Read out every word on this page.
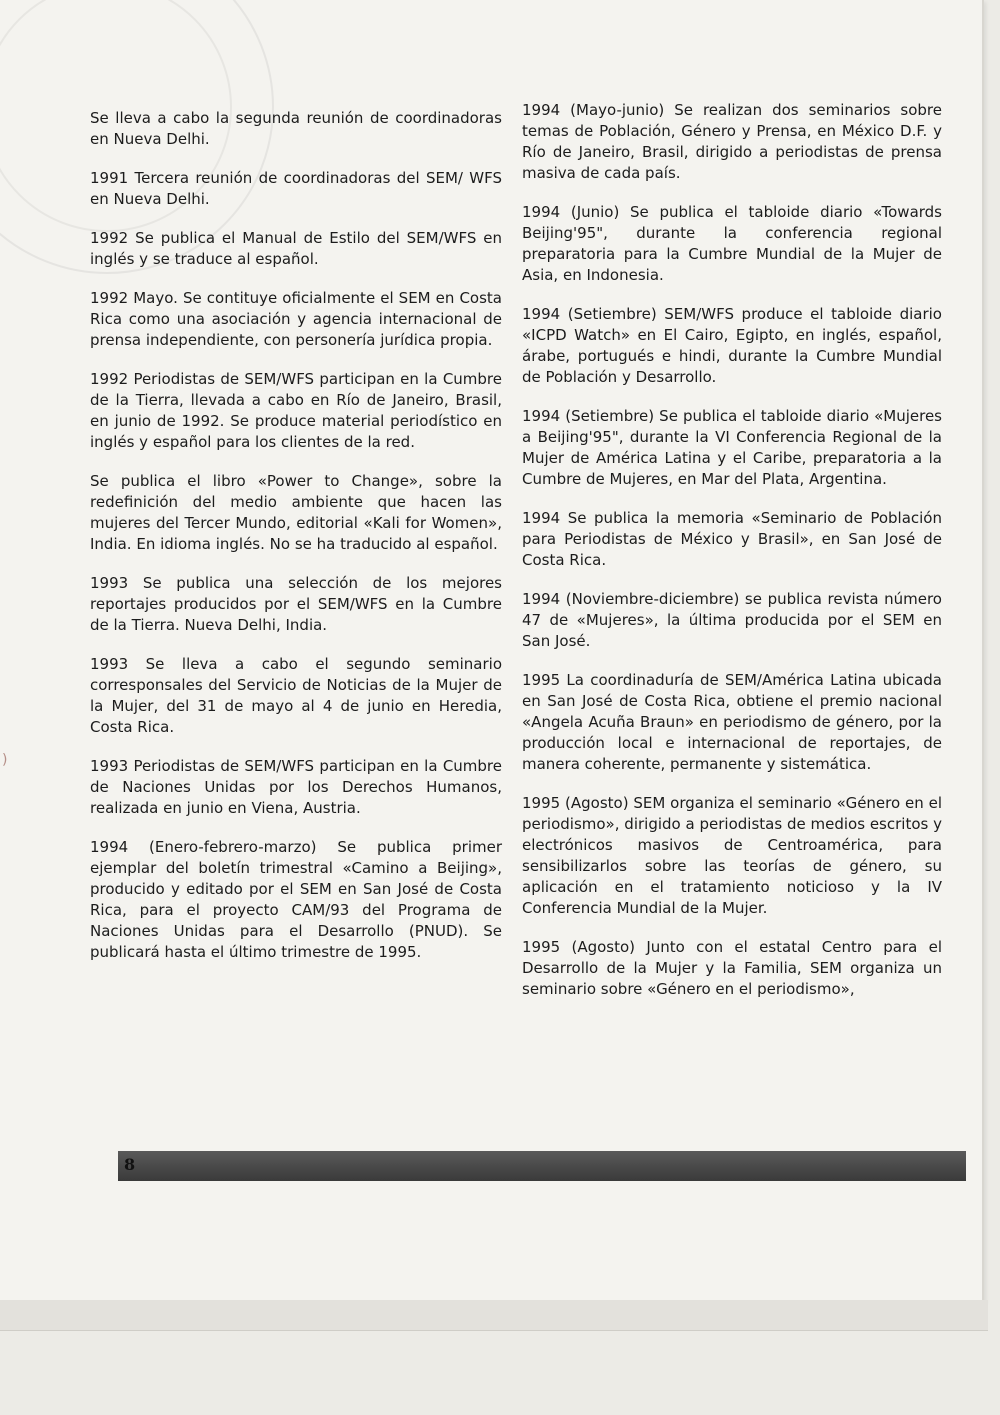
Se lleva a cabo la segunda reunión de coordinadoras en Nueva Delhi.

1991 Tercera reunión de coordinadoras del SEM/ WFS en Nueva Delhi.

1992 Se publica el Manual de Estilo del SEM/WFS en inglés y se traduce al español.

1992 Mayo. Se contituye oficialmente el SEM en Costa Rica como una asociación y agencia internacional de prensa independiente, con personería jurídica propia.

1992 Periodistas de SEM/WFS participan en la Cumbre de la Tierra, llevada a cabo en Río de Janeiro, Brasil, en junio de 1992. Se produce material periodístico en inglés y español para los clientes de la red.

Se publica el libro «Power to Change», sobre la redefinición del medio ambiente que hacen las mujeres del Tercer Mundo, editorial «Kali for Women», India. En idioma inglés. No se ha traducido al español.

1993 Se publica una selección de los mejores reportajes producidos por el SEM/WFS en la Cumbre de la Tierra. Nueva Delhi, India.

1993 Se lleva a cabo el segundo seminario corresponsales del Servicio de Noticias de la Mujer de la Mujer, del 31 de mayo al 4 de junio en Heredia, Costa Rica.

1993 Periodistas de SEM/WFS participan en la Cumbre de Naciones Unidas por los Derechos Humanos, realizada en junio en Viena, Austria.

1994 (Enero-febrero-marzo) Se publica primer ejemplar del boletín trimestral «Camino a Beijing», producido y editado por el SEM en San José de Costa Rica, para el proyecto CAM/93 del Programa de Naciones Unidas para el Desarrollo (PNUD). Se publicará hasta el último trimestre de 1995.

1994 (Mayo-junio) Se realizan dos seminarios sobre temas de Población, Género y Prensa, en México D.F. y Río de Janeiro, Brasil, dirigido a periodistas de prensa masiva de cada país.

1994 (Junio) Se publica el tabloide diario «Towards Beijing'95", durante la conferencia regional preparatoria para la Cumbre Mundial de la Mujer de Asia, en Indonesia.

1994 (Setiembre) SEM/WFS produce el tabloide diario «ICPD Watch» en El Cairo, Egipto, en inglés, español, árabe, portugués e hindi, durante la Cumbre Mundial de Población y Desarrollo.

1994 (Setiembre) Se publica el tabloide diario «Mujeres a Beijing'95", durante la VI Conferencia Regional de la Mujer de América Latina y el Caribe, preparatoria a la Cumbre de Mujeres, en Mar del Plata, Argentina.

1994 Se publica la memoria «Seminario de Población para Periodistas de México y Brasil», en San José de Costa Rica.

1994 (Noviembre-diciembre) se publica revista número 47 de «Mujeres», la última producida por el SEM en San José.

1995 La coordinaduría de SEM/América Latina ubicada en San José de Costa Rica, obtiene el premio nacional «Angela Acuña Braun» en periodismo de género, por la producción local e internacional de reportajes, de manera coherente, permanente y sistemática.

1995 (Agosto) SEM organiza el seminario «Género en el periodismo», dirigido a periodistas de medios escritos y electrónicos masivos de Centroamérica, para sensibilizarlos sobre las teorías de género, su aplicación en el tratamiento noticioso y la IV Conferencia Mundial de la Mujer.

1995 (Agosto) Junto con el estatal Centro para el Desarrollo de la Mujer y la Familia, SEM organiza un seminario sobre «Género en el periodismo»,

8
)
